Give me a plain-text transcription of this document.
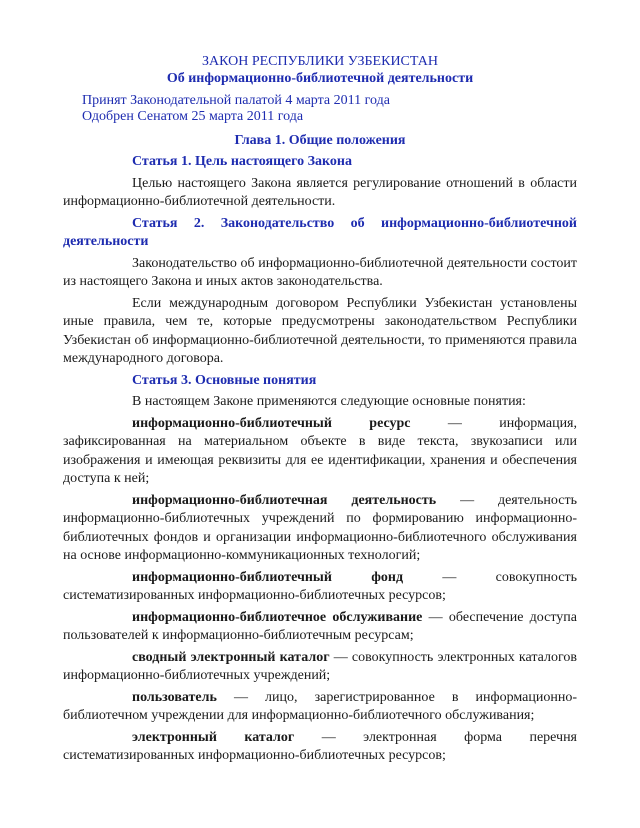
ЗАКОН РЕСПУБЛИКИ УЗБЕКИСТАН
Об информационно-библиотечной деятельности
Принят Законодательной палатой 4 марта 2011 года
Одобрен Сенатом 25 марта 2011 года
Глава 1. Общие положения
Статья 1. Цель настоящего Закона

Целью настоящего Закона является регулирование отношений в области информационно-библиотечной деятельности.

Статья 2. Законодательство об информационно-библиотечной деятельности

Законодательство об информационно-библиотечной деятельности состоит из настоящего Закона и иных актов законодательства.

Если международным договором Республики Узбекистан установлены иные правила, чем те, которые предусмотрены законодательством Республики Узбекистан об информационно-библиотечной деятельности, то применяются правила международного договора.

Статья 3. Основные понятия

В настоящем Законе применяются следующие основные понятия:

информационно-библиотечный ресурс	— информация, зафиксированная на материальном объекте в виде текста, звукозаписи или изображения и имеющая реквизиты для ее идентификации, хранения и обеспечения доступа к ней;

информационно-библиотечная деятельность — деятельность информационно-библиотечных учреждений по формированию информационно-библиотечных фондов и организации информационно-библиотечного обслуживания на основе информационно-коммуникационных технологий;

информационно-библиотечный фонд	— совокупность систематизированных информационно-библиотечных ресурсов;

информационно-библиотечное обслуживание — обеспечение доступа пользователей к информационно-библиотечным ресурсам;

сводный электронный каталог — совокупность электронных каталогов информационно-библиотечных учреждений;

пользователь — лицо, зарегистрированное в информационно-библиотечном учреждении для информационно-библиотечного обслуживания;

электронный каталог — электронная форма перечня систематизированных информационно-библиотечных ресурсов;
